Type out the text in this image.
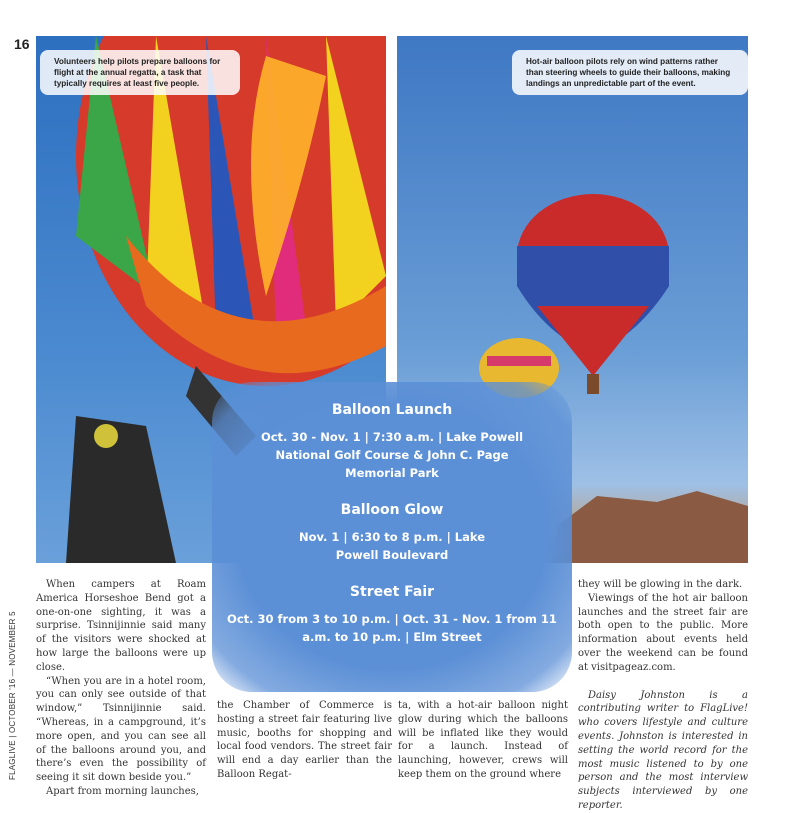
16
Volunteers help pilots prepare balloons for flight at the annual regatta, a task that typically requires at least five people.
Hot-air balloon pilots rely on wind patterns rather than steering wheels to guide their balloons, making landings an unpredictable part of the event.
Balloon Launch

Oct. 30 - Nov. 1 | 7:30 a.m. | Lake Powell National Golf Course & John C. Page Memorial Park

Balloon Glow

Nov. 1 | 6:30 to 8 p.m. | Lake Powell Boulevard

Street Fair

Oct. 30 from 3 to 10 p.m. | Oct. 31 - Nov. 1 from 11 a.m. to 10 p.m. | Elm Street

When campers at Roam America Horseshoe Bend got a one-on-one sighting, it was a surprise. Tsinnijinnie said many of the visitors were shocked at how large the balloons were up close.

“When you are in a hotel room, you can only see outside of that window,” Tsinnijinnie said. “Whereas, in a campground, it’s more open, and you can see all of the balloons around you, and there’s even the possibility of seeing it sit down beside you.”

Apart from morning launches,

the Chamber of Commerce is hosting a street fair featuring live music, booths for shopping and local food vendors. The street fair will end a day earlier than the Balloon Regat-
ta, with a hot-air balloon night glow during which the balloons will be inflated like they would for a launch. Instead of launching, however, crews will keep them on the ground where
they will be glowing in the dark.

Viewings of the hot air balloon launches and the street fair are both open to the public. More information about events held over the weekend can be found at visitpageaz.com.

Daisy Johnston is a contributing writer to FlagLive! who covers lifestyle and culture events. Johnston is interested in setting the world record for the most music listened to by one person and the most interview subjects interviewed by one reporter.

FLAGLIVE | OCTOBER '16 — NOVEMBER 5
